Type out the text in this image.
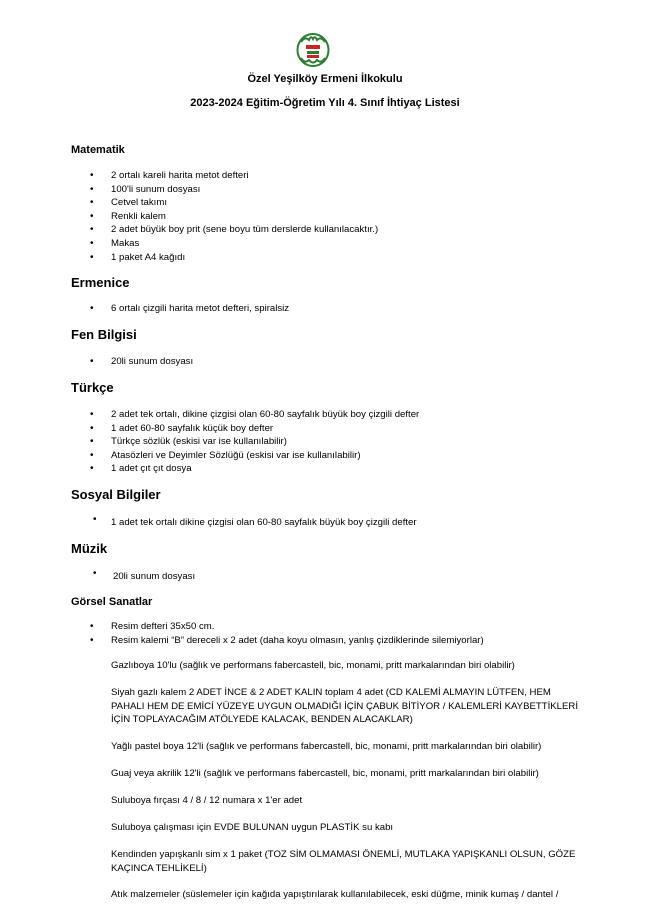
Özel Yeşilköy Ermeni İlkokulu
2023-2024 Eğitim-Öğretim Yılı 4. Sınıf İhtiyaç Listesi
Matematik
• 2 ortalı kareli harita metot defteri
• 100'li sunum dosyası
• Cetvel takımı
• Renkli kalem
• 2 adet büyük boy prit (sene boyu tüm derslerde kullanılacaktır.)
• Makas
• 1 paket A4 kağıdı
Ermenice
• 6 ortalı çizgili harita metot defteri, spiralsiz
Fen Bilgisi
• 20li sunum dosyası
Türkçe
• 2 adet tek ortalı, dikine çizgisi olan 60-80 sayfalık büyük boy çizgili defter
• 1 adet 60-80 sayfalık küçük boy defter
• Türkçe sözlük (eskisi var ise kullanılabilir)
• Atasözleri ve Deyimler Sözlüğü (eskisi var ise kullanılabilir)
• 1 adet çıt çıt dosya
Sosyal Bilgiler
• 1 adet tek ortalı dikine çizgisi olan 60-80 sayfalık büyük boy çizgili defter
Müzik
• 20li sunum dosyası
Görsel Sanatlar
• Resim defteri 35x50 cm.
• Resim kalemi “B” dereceli x 2 adet (daha koyu olmasın, yanlış çizdiklerinde silemiyorlar)

Gazlıboya 10'lu (sağlık ve performans fabercastell, bic, monami, pritt markalarından biri olabilir)

Siyah gazlı kalem 2 ADET İNCE & 2 ADET KALIN toplam 4 adet (CD KALEMİ ALMAYIN LÜTFEN, HEM PAHALI HEM DE EMİCİ YÜZEYE UYGUN OLMADIĞI İÇİN ÇABUK BİTİYOR / KALEMLERİ KAYBETTİKLERİ İÇİN TOPLAYACAĞIM ATÖLYEDE KALACAK, BENDEN ALACAKLAR)

Yağlı pastel boya 12'li (sağlık ve performans fabercastell, bic, monami, pritt markalarından biri olabilir)

Guaj veya akrilik 12'li (sağlık ve performans fabercastell, bic, monami, pritt markalarından biri olabilir)

Suluboya fırçası 4 / 8 / 12 numara x 1'er adet

Suluboya çalışması için EVDE BULUNAN uygun PLASTİK su kabı

Kendinden yapışkanlı sim x 1 paket (TOZ SİM OLMAMASI ÖNEMLİ, MUTLAKA YAPIŞKANLI OLSUN, GÖZE KAÇINCA TEHLİKELİ)

Atık malzemeler (süslemeler için kağıda yapıştırılarak kullanılabilecek, eski düğme, minik kumaş / dantel /
